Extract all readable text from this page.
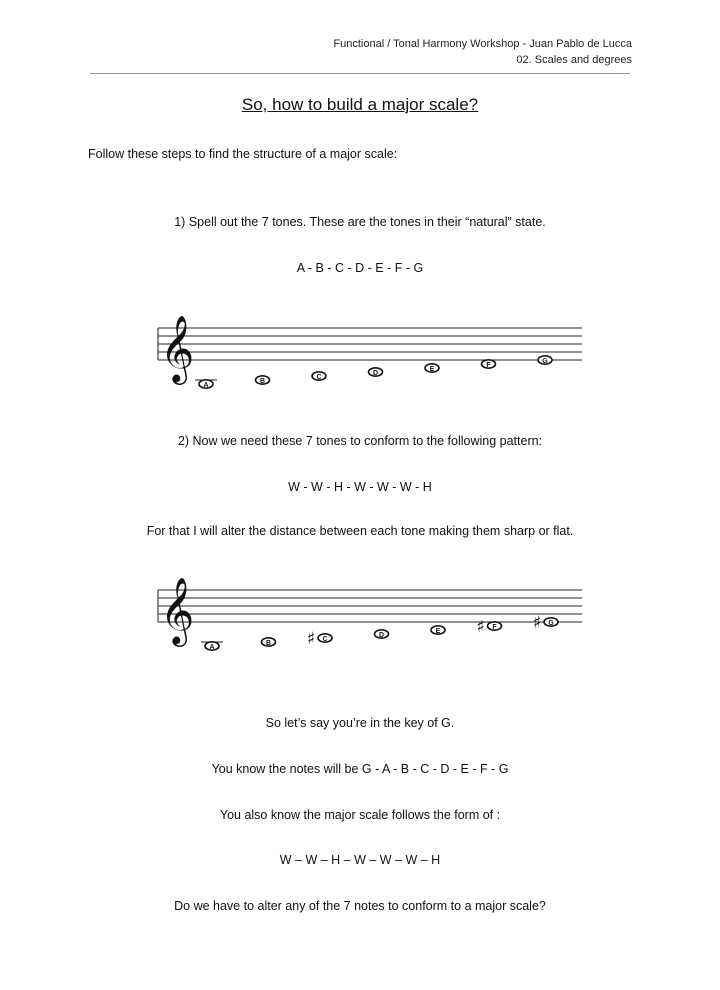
Functional / Tonal Harmony Workshop - Juan Pablo de Lucca
02. Scales and degrees
So, how to build a major scale?
Follow these steps to find the structure of a major scale:
1) Spell out the 7 tones. These are the tones in their “natural” state.
A - B - C - D - E - F - G
𝄞
A
B
C
D
E
F
G
2) Now we need these 7 tones to conform to the following pattern:
W - W - H - W - W - W - H
For that I will alter the distance between each tone making them sharp or flat.
𝄞
A
B
C
♯	D
E
F
♯	G
♯
So let’s say you’re in the key of G.
You know the notes will be G - A - B - C - D - E - F - G
You also know the major scale follows the form of :
W – W – H – W – W – W – H
Do we have to alter any of the 7 notes to conform to a major scale?
